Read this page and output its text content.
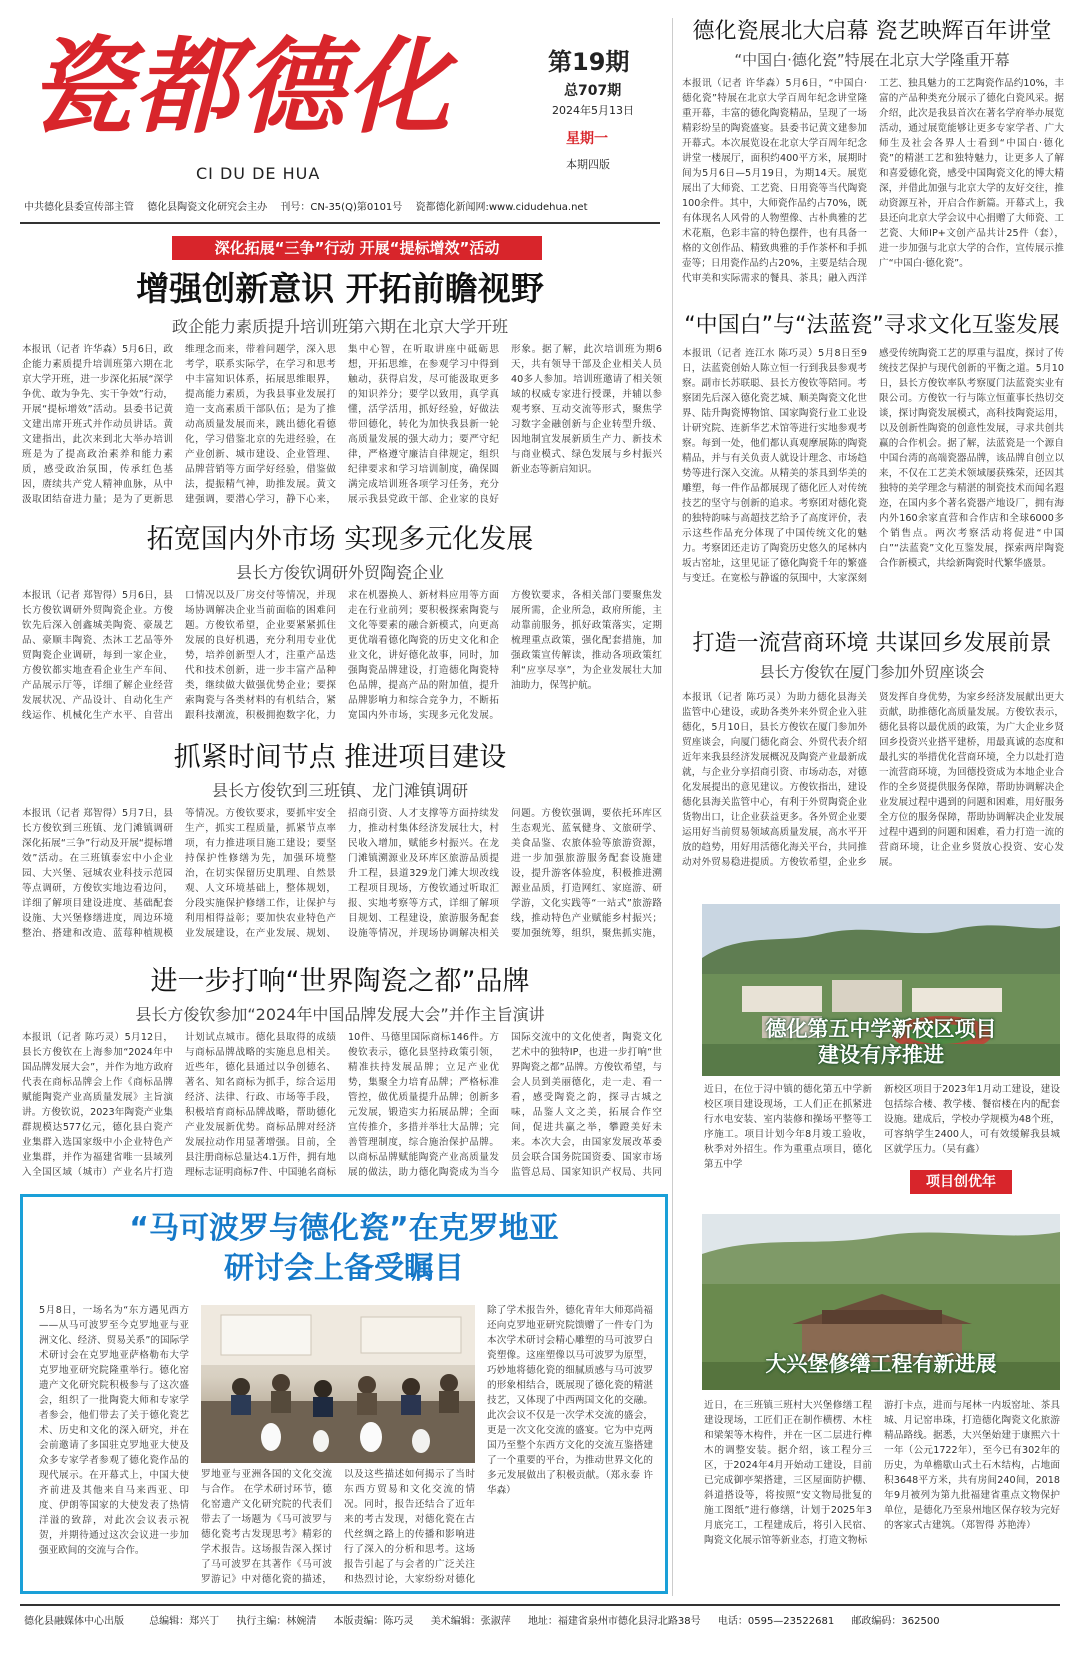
瓷都德化
CI DU DE HUA
第19期
总707期
2024年5月13日
星期一
本期四版
中共德化县委宣传部主管 德化县陶瓷文化研究会主办 刊号：CN-35(Q)第0101号 瓷都德化新闻网:www.cidudehua.net
深化拓展“三争”行动 开展“提标增效”活动
增强创新意识 开拓前瞻视野
政企能力素质提升培训班第六期在北京大学开班
本报讯（记者 许华森）5月6日，政企能力素质提升培训班第六期在北京大学开班，进一步深化拓展“深学争优、敢为争先、实干争效”行动，开展“提标增效”活动。县委书记黄文建出席开班式并作动员讲话。黄文建指出，此次来到北大举办培训班是为了提高政治素养和能力素质，感受政治氛围，传承红色基因，赓续共产党人精神血脉，从中汲取团结奋进力量；是为了更新思维理念而来，带着问题学，深入思考学，联系实际学，在学习和思考中丰富知识体系，拓展思维眼界，提高能力素质，为我县事业发展打造一支高素质干部队伍；是为了推动高质量发展而来，跳出德化看德化，学习借鉴北京的先进经验，在产业创新、城市建设、企业管理、品牌营销等方面学好经验，借鉴做法，提振精气神，助推发展。黄文建强调，要潜心学习，静下心来，集中心智，在听取讲座中砥砺思想，开拓思维，在参观学习中得到触动，获得启发，尽可能汲取更多的知识养分；要学以致用，真学真懂，活学活用，抓好经验，好做法带回德化，转化为加快我县新一轮高质量发展的强大动力；要严守纪律，严格遵守廉洁自律规定，组织纪律要求和学习培训制度，确保圆满完成培训班各项学习任务，充分展示我县党政干部、企业家的良好形象。据了解，此次培训班为期6天，共有领导干部及企业相关人员40多人参加。培训班邀请了相关领域的权威专家进行授课，并辅以参观考察、互动交流等形式，聚焦学习数字金融创新与企业转型升级、因地制宜发展新质生产力、新技术与商业模式、绿色发展与乡村振兴新业态等新启知识。
拓宽国内外市场 实现多元化发展
县长方俊钦调研外贸陶瓷企业
本报讯（记者 郑智得）5月6日，县长方俊钦调研外贸陶瓷企业。方俊钦先后深入创鑫城美陶瓷、豪晟艺品、豪顺丰陶瓷、杰沐工艺品等外贸陶瓷企业调研，每到一家企业，方俊钦都实地查看企业生产车间、产品展示厅等，详细了解企业经营发展状况、产品设计、自动化生产线运作、机械化生产水平、自营出口情况以及厂房交付等情况，并现场协调解决企业当前面临的困难问题。方俊钦希望，企业要紧紧抓住发展的良好机遇，充分利用专业优势，培养创新型人才，注重产品迭代和技术创新，进一步丰富产品种类，继续做大做强优势企业；要探索陶瓷与各类材料的有机结合，紧跟科技潮流，积极拥抱数字化，力求在机器换人、新材料应用等方面走在行业前列；要积极探索陶瓷与文化等要素的融合新模式，向更高更优端看德化陶瓷的历史文化和企业文化，讲好德化故事，同时，加强陶瓷品牌建设，打造德化陶瓷特色品牌，提高产品的附加值，提升品牌影响力和综合竞争力，不断拓宽国内外市场，实现多元化发展。方俊钦要求，各相关部门要聚焦发展所需，企业所急，政府所能，主动靠前服务，抓好政策落实，定期梳理重点政策，强化配套措施，加强政策宣传解读，推动各项政策红利“应享尽享”，为企业发展壮大加油助力，保驾护航。
抓紧时间节点 推进项目建设
县长方俊钦到三班镇、龙门滩镇调研
本报讯（记者 郑智得）5月7日，县长方俊钦到三班镇、龙门滩镇调研深化拓展“三争”行动及开展“提标增效”活动。在三班镇泰宏中小企业园、大兴堡、冠城农业科技示范园等点调研，方俊钦实地边看边问，详细了解项目建设进度、基础配套设施、大兴堡修缮进度，周边环境整治、搭建和改造、蓝莓种植规模等情况。方俊钦要求，要抓牢安全生产，抓实工程质量，抓紧节点率项，有力推进项目施工建设；要坚持保护性修缮为先，加强环境整治，在切实保留历史肌理、自然景观、人文环境基础上，整体规划，分段实施保护修缮工作，让保护与利用相得益彰；要加快农业特色产业发展建设，在产业发展、规划、招商引资、人才支撑等方面持续发力，推动村集体经济发展壮大，村民收入增加，赋能乡村振兴。在龙门滩镇溯源业及环库区旅游品质提升工程，县道329龙门滩大坝改线工程项目现场，方俊钦通过听取汇报、实地考察等方式，详细了解项目规划、工程建设，旅游服务配套设施等情况，并现场协调解决相关问题。方俊钦强调，要依托环库区生态观光、蓝氧健身、文旅研学、美食品鉴、农旅体验等旅游资源，进一步加强旅游服务配套设施建设，提升游客体验度，积极推进溯源业品质，打造网红、家庭游、研学游，文化实践等“一站式”旅游路线，推动特色产业赋能乡村振兴；要加强统筹，组织，聚焦抓实施，
进一步打响“世界陶瓷之都”品牌
县长方俊钦参加“2024年中国品牌发展大会”并作主旨演讲
本报讯（记者 陈巧灵）5月12日，县长方俊钦在上海参加“2024年中国品牌发展大会”，并作为地方政府代表在商标品牌会上作《商标品牌赋能陶瓷产业高质量发展》主旨演讲。方俊钦说，2023年陶瓷产业集群规模达577亿元，德化县白瓷产业集群入选国家级中小企业特色产业集群，并作为福建省唯一县域列入全国区域（城市）产业名片打造计划试点城市。德化县取得的成绩与商标品牌战略的实施息息相关。近些年，德化县通过以争创德名、著名、知名商标为抓手，综合运用经济、法律、行政、市场等手段，积极培育商标品牌战略，帮助德化产业发展新优势。商标品牌对经济发展拉动作用显著增强。目前，全县注册商标总量达4.1万件，拥有地理标志证明商标7件、中国驰名商标10件、马德里国际商标146件。方俊钦表示，德化县坚持政策引领，精准扶持发展品牌；立足产业优势，集聚全力培育品牌；严格标准管控，做优质量提升品牌；创新多元发展，锻造实力拓展品牌；全面宣传推介，多措并举壮大品牌；完善管理制度，综合施治保护品牌。以商标品牌赋能陶瓷产业高质量发展的做法，助力德化陶瓷成为当今国际交流中的文化使者，陶瓷文化艺术中的独特IP，也进一步打响“世界陶瓷之都”品牌。方俊钦希望，与会人员到美丽德化，走一走、看一看，感受陶瓷之韵，探寻古城之味，品鉴人文之美，拓展合作空间，促进共赢之举，攀蹬美好未来。本次大会，由国家发展改革委员会联合国务院国资委、国家市场监管总局、国家知识产权局、共同
“马可波罗与德化瓷”在克罗地亚
研讨会上备受瞩目
5月8日，一场名为“东方遇见西方——从马可波罗至今克罗地亚与亚洲文化、经济、贸易关系”的国际学术研讨会在克罗地亚萨格勒布大学克罗地亚研究院隆重举行。德化窑遗产文化研究院积极参与了这次盛会，组织了一批陶瓷大师和专家学者参会，他们带去了关于德化瓷艺术、历史和文化的深入研究，并在会前邀请了多国驻克罗地亚大使及众多专家学者参观了德化瓷作品的现代展示。在开幕式上，中国大使齐前进及其他来自马来西亚、印度、伊朗等国家的大使发表了热情洋溢的致辞，对此次会议表示祝贺，并期待通过这次会议进一步加强亚欧间的交流与合作。
罗地亚与亚洲各国的文化交流与合作。 在学术研讨环节，德化窑遗产文化研究院的代表们带去了一场题为《马可波罗与德化瓷考古发现思考》精彩的学术报告。这场报告深入探讨了马可波罗在其著作《马可波罗游记》中对德化瓷的描述，以及这些描述如何揭示了当时东西方贸易和文化交流的情况。同时，报告还结合了近年来的考古发现，对德化瓷在古代丝绸之路上的传播和影响进行了深入的分析和思考。这场报告引起了与会者的广泛关注和热烈讨论，大家纷纷对德化
除了学术报告外，德化青年大师郑尚福还向克罗地亚研究院馈赠了一件专门为本次学术研讨会精心雕塑的马可波罗白瓷塑像。这座塑像以马可波罗为原型，巧妙地将德化瓷的细腻质感与马可波罗的形象相结合，既展现了德化瓷的精湛技艺，又体现了中西两国文化的交融。此次会议不仅是一次学术交流的盛会，更是一次文化交流的盛宴。它为中克两国乃至整个东西方文化的交流互鉴搭建了一个重要的平台，为推动世界文化的多元发展做出了积极贡献。（郑永泰 许华森）
德化瓷展北大启幕 瓷艺映辉百年讲堂
“中国白·德化瓷”特展在北京大学隆重开幕
本报讯（记者 许华森）5月6日，“中国白·德化瓷”特展在北京大学百周年纪念讲堂隆重开幕，丰富的德化陶瓷精品，呈现了一场精彩纷呈的陶瓷盛宴。县委书记黄文建参加开幕式。本次展览设在北京大学百周年纪念讲堂一楼展厅，面积约400平方米，展期时间为5月6日—5月19日，为期14天。展览展出了大师瓷、工艺瓷、日用瓷等当代陶瓷100余件。其中，大师瓷作品约占70%，既有体现名人风骨的人物塑像、古朴典雅的艺术花瓶，色彩丰富的特色摆件，也有具备一格的文创作品、精致典雅的手作茶杯和手抓壶等；日用瓷作品约占20%，主要是结合现代审美和实际需求的餐具、茶具；融入西洋工艺、独具魅力的工艺陶瓷作品约10%，丰富的产品种类充分展示了德化白瓷风采。据介绍，此次是我县首次在著名学府举办展览活动，通过展览能够让更多专家学者、广大师生及社会各界人士看到“中国白·德化瓷”的精湛工艺和独特魅力，让更多人了解和喜爱德化瓷，感受中国陶瓷文化的博大精深，并借此加强与北京大学的友好交往，推动资源互补，开启合作新篇。开幕式上，我县还向北京大学会议中心捐赠了大师瓷、工艺瓷、大师IP+文创产品共计25件（套），进一步加强与北京大学的合作，宣传展示推广“中国白·德化瓷”。
“中国白”与“法蓝瓷”寻求文化互鉴发展
本报讯（记者 连江水 陈巧灵）5月8日至9日，法蓝瓷创始人陈立恒一行到我县参观考察。副市长苏联聪、县长方俊钦等陪同。考察团先后深入德化瓷艺城、顺美陶瓷文化世界、陆升陶瓷博物馆、国家陶瓷行业工业设计研究院、连新华艺术馆等进行实地参观考察。每到一处，他们都认真观摩展陈的陶瓷精品，并与有关负责人就设计理念、市场趋势等进行深入交流。从精美的茶具到华美的雕塑，每一件作品都展现了德化匠人对传统技艺的坚守与创新的追求。考察团对德化瓷的独特韵味与高超技艺给予了高度评价，表示这些作品充分体现了中国传统文化的魅力。考察团还走访了陶瓷历史悠久的尾林内坂古窑址，这里见证了德化陶瓷千年的繁盛与变迁。在宽松与静谧的氛围中，大家深刻感受传统陶瓷工艺的厚重与温度，探讨了传统技艺保护与现代创新的平衡之道。5月10日，县长方俊钦率队考察厦门法蓝瓷实业有限公司。方俊钦一行与陈立恒董事长热切交谈，探讨陶瓷发展模式，高科技陶瓷运用，以及创新性陶瓷的创意性发展，寻求共创共赢的合作机会。据了解，法蓝瓷是一个源自中国台湾的高端瓷器品牌，该品牌自创立以来，不仅在工艺美术领域屡获殊荣，还因其独特的美学理念与精湛的制瓷技术而闻名遐迩，在国内多个著名瓷器产地设厂，拥有海内外160余家直营和合作店和全球6000多个销售点。两次考察活动将促进“中国白”“法蓝瓷”文化互鉴发展，探索两岸陶瓷合作新模式，共绘新陶瓷时代繁华盛景。
打造一流营商环境 共谋回乡发展前景
县长方俊钦在厦门参加外贸座谈会
本报讯（记者 陈巧灵）为助力德化县海关监管中心建设，或助各类外来外贸企业入驻德化，5月10日，县长方俊钦在厦门参加外贸座谈会，向厦门德化商会、外贸代表介绍近年来我县经济发展概况及陶瓷产业最新成就，与企业分享招商引资、市场动态，对德化发展提出的意见建议。方俊钦指出，建设德化县海关监管中心，有利于外贸陶瓷企业货物出口，让企业获益更多。各外贸企业要运用好当前贸易领域高质量发展，高水平开放的趋势，用好用活德化海关平台，共同推动对外贸易稳进提质。方俊钦希望，企业乡贤发挥自身优势，为家乡经济发展献出更大贡献，助推德化高质量发展。方俊钦表示，德化县将以最优质的政策，为广大企业乡贤回乡投资兴业搭平建桥，用最真诚的态度和最扎实的举措优化营商环境，全力以赴打造一流营商环境，为回德投资成为本地企业合作的全乡贤提供服务保障，帮助协调解决企业发展过程中遇到的问题和困难，用好服务全方位的服务保障，帮助协调解决企业发展过程中遇到的问题和困难，看力打造一流的营商环境，让企业乡贤放心投资、安心发展。
德化第五中学新校区项目
建设有序推进
近日，在位于浔中镇的德化第五中学新校区项目建设现场，工人们正在抓紧进行水电安装、室内装修和操场平整等工序施工。项目计划今年8月竣工验收，秋季对外招生。作为重重点项目，德化第五中学
新校区项目于2023年1月动工建设，建设包括综合楼、教学楼、餐宿楼在内的配套设施。建成后，学校办学规模为48个班，可容纳学生2400人，可有效缓解我县城区就学压力。（吴有鑫）
项目创优年
大兴堡修缮工程有新进展
近日，在三班镇三班村大兴堡修缮工程建设现场，工匠们正在制作横楞、木柱和梁架等木构件，并在一区二层进行榫木的调整安装。据介绍，该工程分三区，于2024年4月开始动工建设，目前已完成御亭架搭建，三区屋面防护棚、斜道搭设等，将按照“安文物局批复的施工图纸”进行修缮，计划于2025年3月底完工，工程建成后，将引入民宿、陶瓷文化展示馆等新业态，打造文物标
游打卡点，进而与尾林一内坂窑址、茶具城、月记窑串珠，打造德化陶瓷文化旅游精品路线。据悉，大兴堡始建于康熙六十一年（公元1722年），至今已有302年的历史，为单檐歇山式土石木结构，占地面积3648平方米，共有房间240间，2018年9月被列为第九批福建省重点文物保护单位，是德化乃至泉州地区保存较为完好的客家式古建筑。（郑智得 苏艳涛）
德化县融媒体中心出版	总编辑：郑兴丁 执行主编：林婉清 本版责编：陈巧灵 美术编辑：张淑萍 地址：福建省泉州市德化县浔北路38号 电话：0595—23522681 邮政编码：362500
